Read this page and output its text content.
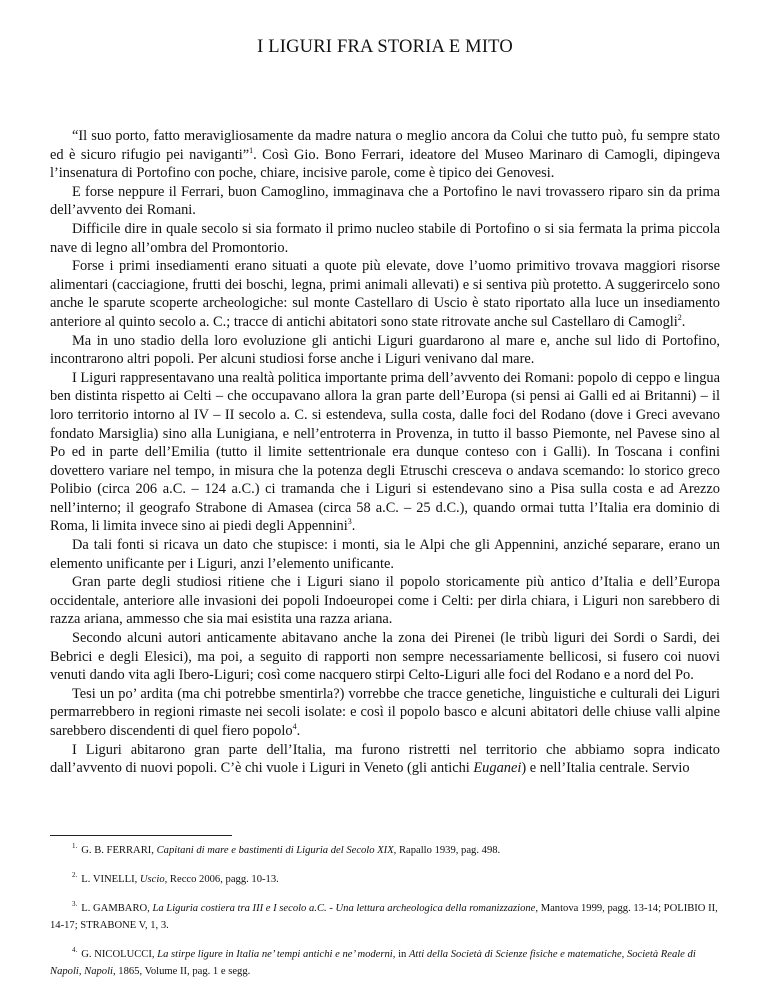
I LIGURI FRA STORIA E MITO

“Il suo porto, fatto meravigliosamente da madre natura o meglio ancora da Colui che tutto può, fu sempre stato ed è sicuro rifugio pei naviganti”$^1$. Così Gio. Bono Ferrari, ideatore del Museo Marinaro di Camogli, dipingeva l’insenatura di Portofino con poche, chiare, incisive parole, come è tipico dei Genovesi.

E forse neppure il Ferrari, buon Camoglino, immaginava che a Portofino le navi trovassero riparo sin da prima dell’avvento dei Romani.

Difficile dire in quale secolo si sia formato il primo nucleo stabile di Portofino o si sia fermata la prima piccola nave di legno all’ombra del Promontorio.

Forse i primi insediamenti erano situati a quote più elevate, dove l’uomo primitivo trovava maggiori risorse alimentari (cacciagione, frutti dei boschi, legna, primi animali allevati) e si sentiva più protetto. A suggerircelo sono anche le sparute scoperte archeologiche: sul monte Castellaro di Uscio è stato riportato alla luce un insediamento anteriore al quinto secolo a. C.; tracce di antichi abitatori sono state ritrovate anche sul Castellaro di Camogli$^2$.

Ma in uno stadio della loro evoluzione gli antichi Liguri guardarono al mare e, anche sul lido di Portofino, incontrarono altri popoli. Per alcuni studiosi forse anche i Liguri venivano dal mare.

I Liguri rappresentavano una realtà politica importante prima dell’avvento dei Romani: popolo di ceppo e lingua ben distinta rispetto ai Celti – che occupavano allora la gran parte dell’Europa (si pensi ai Galli ed ai Britanni) – il loro territorio intorno al IV – II secolo a. C. si estendeva, sulla costa, dalle foci del Rodano (dove i Greci avevano fondato Marsiglia) sino alla Lunigiana, e nell’entroterra in Provenza, in tutto il basso Piemonte, nel Pavese sino al Po ed in parte dell’Emilia (tutto il limite settentrionale era dunque conteso con i Galli). In Toscana i confini dovettero variare nel tempo, in misura che la potenza degli Etruschi cresceva o andava scemando: lo storico greco Polibio (circa 206 a.C. – 124 a.C.) ci tramanda che i Liguri si estendevano sino a Pisa sulla costa e ad Arezzo nell’interno; il geografo Strabone di Amasea (circa 58 a.C. – 25 d.C.), quando ormai tutta l’Italia era dominio di Roma, li limita invece sino ai piedi degli Appennini$^3$.

Da tali fonti si ricava un dato che stupisce: i monti, sia le Alpi che gli Appennini, anziché separare, erano un elemento unificante per i Liguri, anzi l’elemento unificante.

Gran parte degli studiosi ritiene che i Liguri siano il popolo storicamente più antico d’Italia e dell’Europa occidentale, anteriore alle invasioni dei popoli Indoeuropei come i Celti: per dirla chiara, i Liguri non sarebbero di razza ariana, ammesso che sia mai esistita una razza ariana.

Secondo alcuni autori anticamente abitavano anche la zona dei Pirenei (le tribù liguri dei Sordi o Sardi, dei Bebrici e degli Elesici), ma poi, a seguito di rapporti non sempre necessariamente bellicosi, si fusero coi nuovi venuti dando vita agli Ibero-Liguri; così come nacquero stirpi Celto-Liguri alle foci del Rodano e a nord del Po.

Tesi un po’ ardita (ma chi potrebbe smentirla?) vorrebbe che tracce genetiche, linguistiche e culturali dei Liguri permarrebbero in regioni rimaste nei secoli isolate: e così il popolo basco e alcuni abitatori delle chiuse valli alpine sarebbero discendenti di quel fiero popolo$^4$.

I Liguri abitarono gran parte dell’Italia, ma furono ristretti nel territorio che abbiamo sopra indicato dall’avvento di nuovi popoli. C’è chi vuole i Liguri in Veneto (gli antichi Euganei) e nell’Italia centrale. Servio

$^{1.}$ G. B. FERRARI, Capitani di mare e bastimenti di Liguria del Secolo XIX, Rapallo 1939, pag. 498.

$^{2.}$ L. VINELLI, Uscio, Recco 2006, pagg. 10-13.

$^{3.}$ L. GAMBARO, La Liguria costiera tra III e I secolo a.C. - Una lettura archeologica della romanizzazione, Mantova 1999, pagg. 13-14; POLIBIO II, 14-17; STRABONE V, 1, 3.

$^{4.}$ G. NICOLUCCI, La stirpe ligure in Italia ne’ tempi antichi e ne’ moderni, in Atti della Società di Scienze fisiche e matematiche, Società Reale di Napoli, Napoli, 1865, Volume II, pag. 1 e segg.
